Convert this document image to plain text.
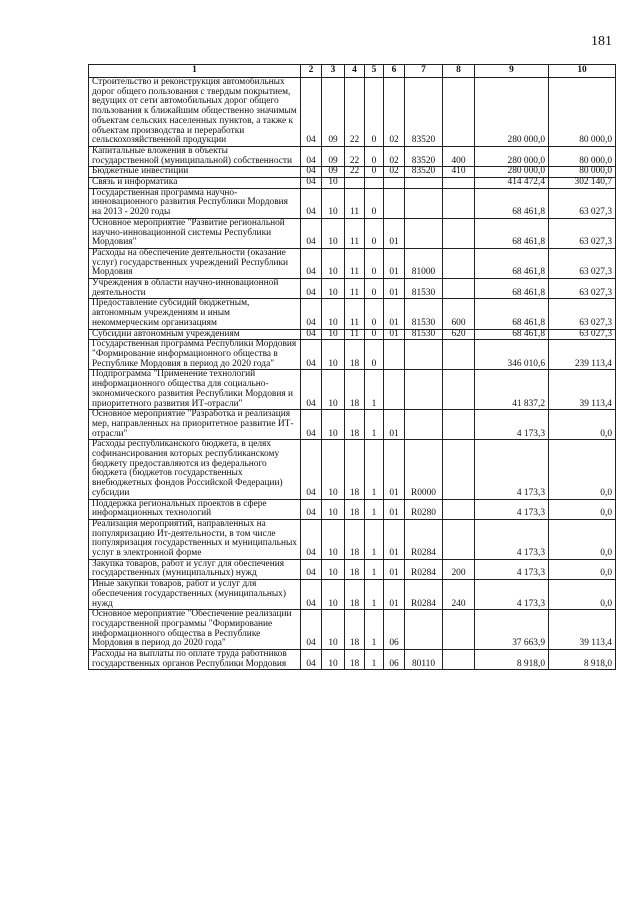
181
1	2	3	4	5	6	7	8	9	10
Строительство и реконструкция автомобильных дорог общего пользования с твердым покрытием, ведущих от сети автомобильных дорог общего пользования к ближайшим общественно значимым объектам сельских населенных пунктов, а также к объектам производства и переработки сельскохозяйственной продукции	04	09	22	0	02	83520		280 000,0	80 000,0
Капитальные вложения в объекты государственной (муниципальной) собственности	04	09	22	0	02	83520	400	280 000,0	80 000,0
Бюджетные инвестиции	04	09	22	0	02	83520	410	280 000,0	80 000,0
Связь и информатика	04	10						414 472,4	302 140,7
Государственная программа научно-инновационного развития Республики Мордовия на 2013 - 2020 годы	04	10	11	0				68 461,8	63 027,3
Основное мероприятие "Развитие региональной научно-инновационной системы Республики Мордовия"	04	10	11	0	01			68 461,8	63 027,3
Расходы на обеспечение деятельности (оказание услуг) государственных учреждений Республики Мордовия	04	10	11	0	01	81000		68 461,8	63 027,3
Учреждения в области научно-инновационной деятельности	04	10	11	0	01	81530		68 461,8	63 027,3
Предоставление субсидий бюджетным, автономным учреждениям и иным некоммерческим организациям	04	10	11	0	01	81530	600	68 461,8	63 027,3
Субсидии автономным учреждениям	04	10	11	0	01	81530	620	68 461,8	63 027,3
Государственная программа Республики Мордовия "Формирование информационного общества в Республике Мордовия в период до 2020 года"	04	10	18	0				346 010,6	239 113,4
Подпрограмма "Применение технологий информационного общества для социально-экономического развития Республики Мордовия и приоритетного развития ИТ-отрасли"	04	10	18	1				41 837,2	39 113,4
Основное мероприятие "Разработка и реализация мер, направленных на приоритетное развитие ИТ-отрасли"	04	10	18	1	01			4 173,3	0,0
Расходы республиканского бюджета, в целях софинансирования которых республиканскому бюджету предоставляются из федерального бюджета (бюджетов государственных внебюджетных фондов Российской Федерации) субсидии	04	10	18	1	01	R0000		4 173,3	0,0
Поддержка региональных проектов в сфере информационных технологий	04	10	18	1	01	R0280		4 173,3	0,0
Реализация мероприятий, направленных на популяризацию Ит-деятельности, в том числе популяризация государственных и муниципальных услуг в электронной форме	04	10	18	1	01	R0284		4 173,3	0,0
Закупка товаров, работ и услуг для обеспечения государственных (муниципальных) нужд	04	10	18	1	01	R0284	200	4 173,3	0,0
Иные закупки товаров, работ и услуг для обеспечения государственных (муниципальных) нужд	04	10	18	1	01	R0284	240	4 173,3	0,0
Основное мероприятие "Обеспечение реализации государственной программы "Формирование информационного общества в Республике Мордовия в период до 2020 года"	04	10	18	1	06			37 663,9	39 113,4
Расходы на выплаты по оплате труда работников государственных органов Республики Мордовия	04	10	18	1	06	80110		8 918,0	8 918,0
